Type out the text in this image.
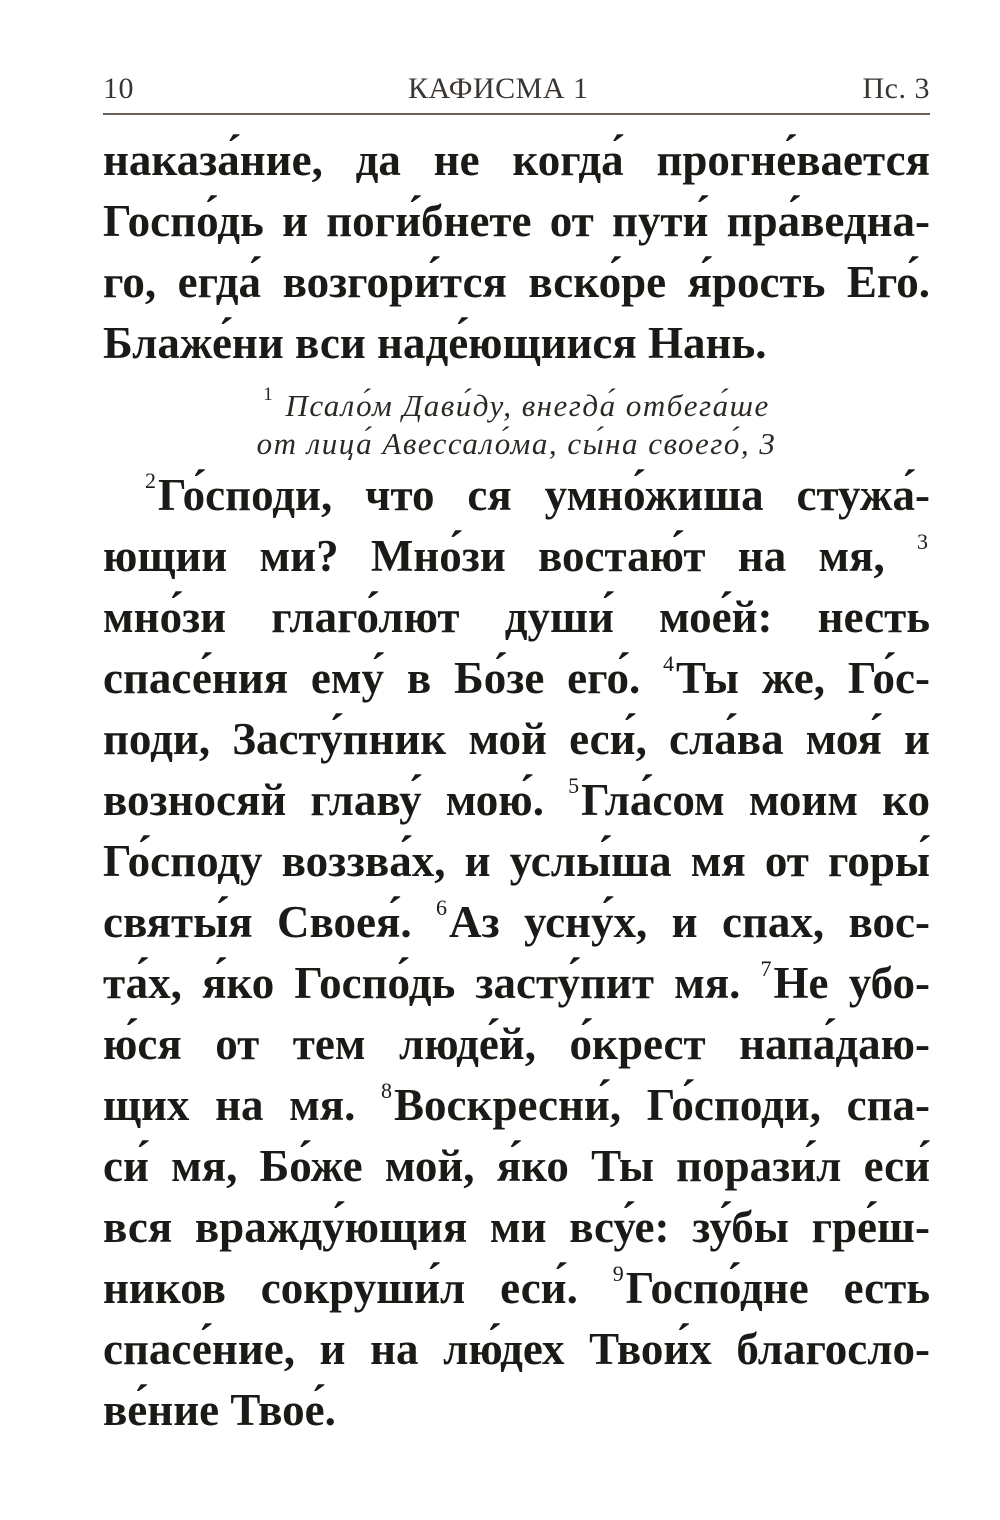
10	КАФИСМА 1	Пс. 3
наказа́ние, да не когда́ прогне́вается
Госпо́дь и поги́бнете от пути́ пра́ведна-
го, егда́ возгори́тся вско́ре я́рость Его́.
Блаже́ни вси наде́ющиися Нань.
$^1$ Псало́м Дави́ду, внегда́ отбега́ше
от лица́ Авессало́ма, сы́на своего́, 3
$^2$Го́споди, что ся умно́жиша стужа́-
ющии ми? Мно́зи востаю́т на мя, $^3$
мно́зи глаго́лют души́ мое́й: несть
спасе́ния ему́ в Бо́зе его́. $^4$Ты же, Го́с-
поди, Засту́пник мой еси́, сла́ва моя́ и
возносяй главу́ мою́. $^5$Гла́сом моим ко
Го́споду воззва́х, и услы́ша мя от горы́
святы́я Своея́. $^6$Аз усну́х, и спах, вос-
та́х, я́ко Госпо́дь засту́пит мя. $^7$Не убо-
ю́ся от тем люде́й, о́крест напа́даю-
щих на мя. $^8$Воскресни́, Го́споди, спа-
си́ мя, Бо́же мой, я́ко Ты порази́л еси́
вся вражду́ющия ми всу́е: зу́бы гре́ш-
ников сокруши́л еси́. $^9$Госпо́дне есть
спасе́ние, и на лю́дех Твои́х благосло-
ве́ние Твое́.
